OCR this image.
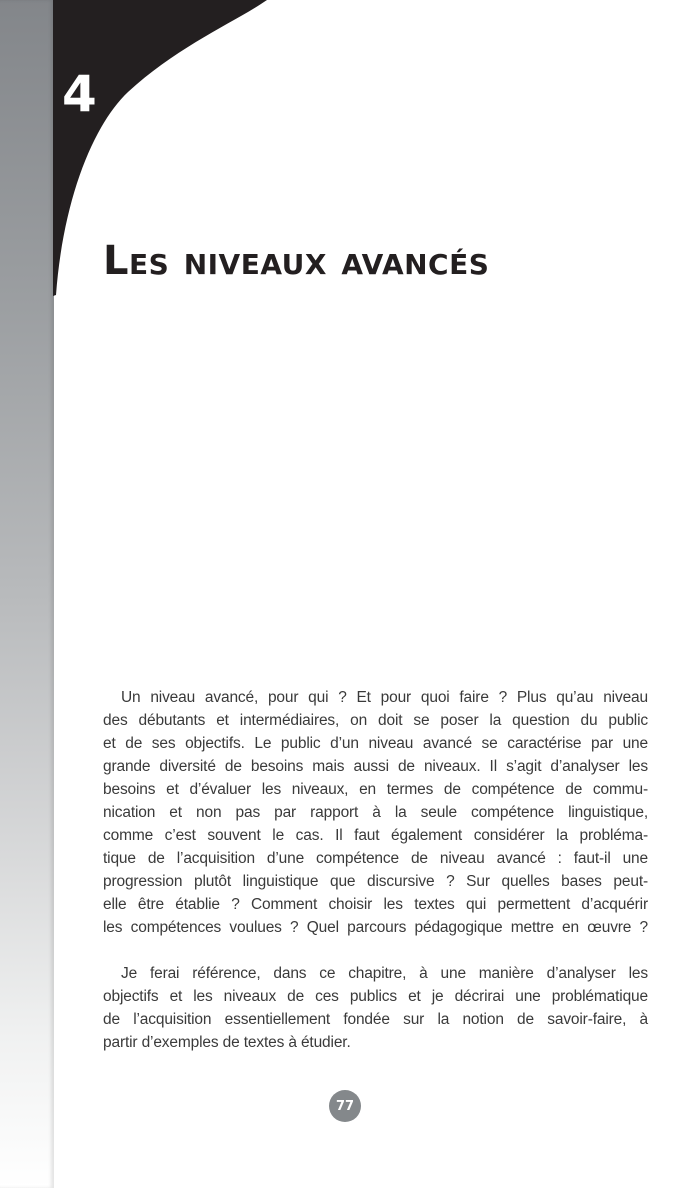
4
Les niveaux avancés
Un niveau avancé, pour qui ? Et pour quoi faire ? Plus qu’au niveau
des débutants et intermédiaires, on doit se poser la question du public
et de ses objectifs. Le public d’un niveau avancé se caractérise par une
grande diversité de besoins mais aussi de niveaux. Il s’agit d’analyser les
besoins et d’évaluer les niveaux, en termes de compétence de commu-
nication et non pas par rapport à la seule compétence linguistique,
comme c’est souvent le cas. Il faut également considérer la probléma-
tique de l’acquisition d’une compétence de niveau avancé : faut-il une
progression plutôt linguistique que discursive ? Sur quelles bases peut-
elle être établie ? Comment choisir les textes qui permettent d’acquérir
les compétences voulues ? Quel parcours pédagogique mettre en œuvre ?
Je ferai référence, dans ce chapitre, à une manière d’analyser les
objectifs et les niveaux de ces publics et je décrirai une problématique
de l’acquisition essentiellement fondée sur la notion de savoir-faire, à
partir d’exemples de textes à étudier.
77
